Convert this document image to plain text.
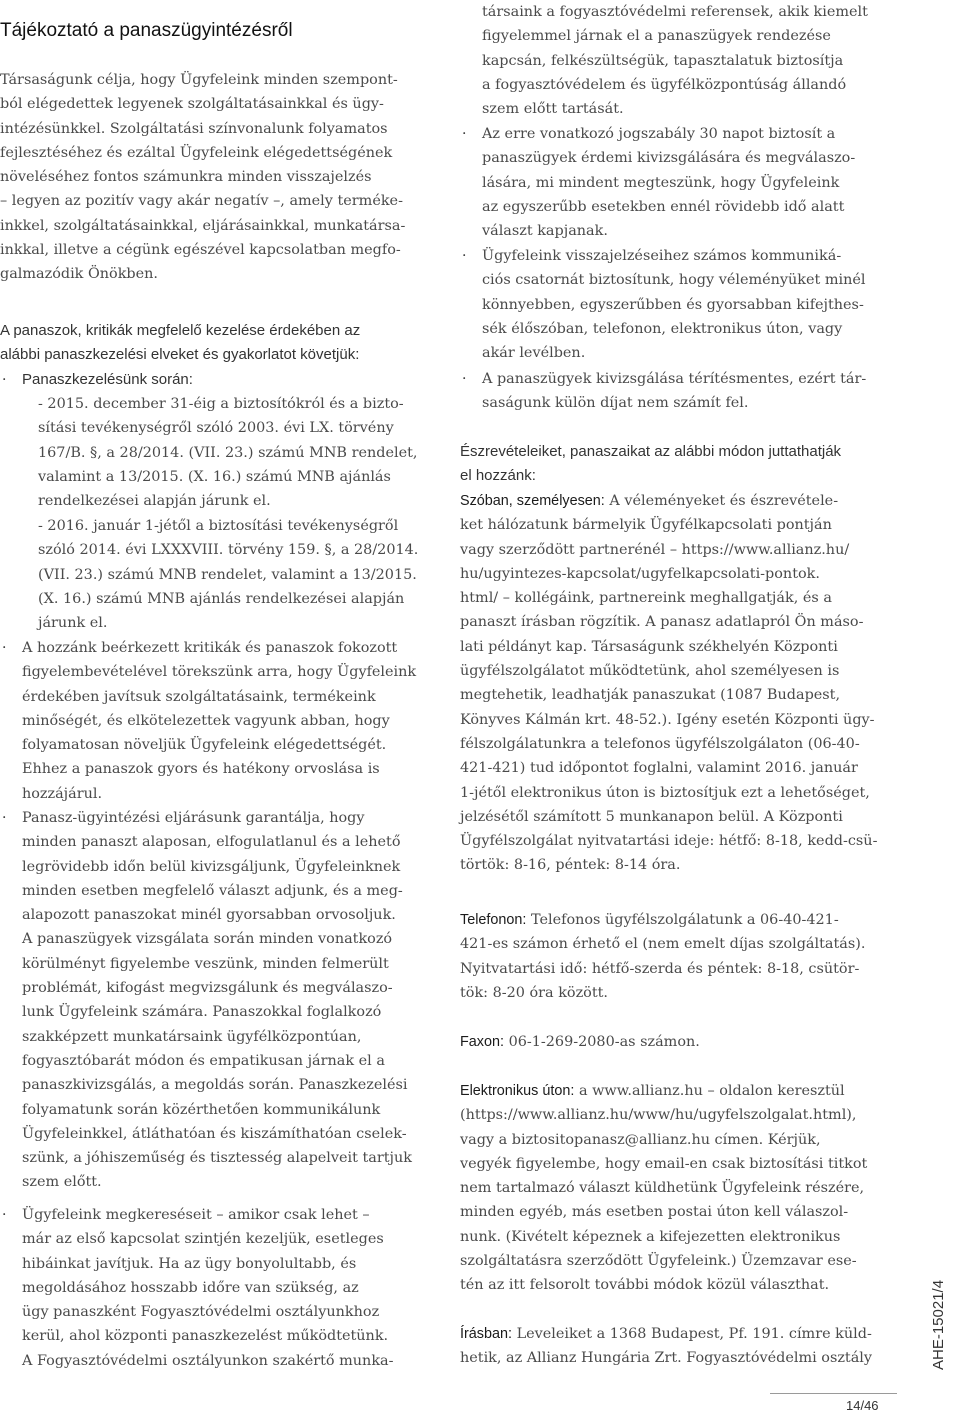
Tájékoztató a panaszügyintézésről

Társaságunk célja, hogy Ügyfeleink minden szempont-
ból elégedettek legyenek szolgáltatásainkkal és ügy-
intézésünkkel. Szolgáltatási színvonalunk folyamatos
fejlesztéséhez és ezáltal Ügyfeleink elégedettségének
növeléséhez fontos számunkra minden visszajelzés
– legyen az pozitív vagy akár negatív –, amely terméke-
inkkel, szolgáltatásainkkal, eljárásainkkal, munkatársa-
inkkal, illetve a cégünk egészével kapcsolatban megfo-
galmazódik Önökben.

A panaszok, kritikák megfelelő kezelése érdekében az
alábbi panaszkezelési elveket és gyakorlatot követjük:

· Panaszkezelésünk során:

- 2015. december 31-éig a biztosítókról és a bizto-
sítási tevékenységről szóló 2003. évi LX. törvény
167/B. §, a 28/2014. (VII. 23.) számú MNB rendelet,
valamint a 13/2015. (X. 16.) számú MNB ajánlás
rendelkezései alapján járunk el.

- 2016. január 1-jétől a biztosítási tevékenységről
szóló 2014. évi LXXXVIII. törvény 159. §, a 28/2014.
(VII. 23.) számú MNB rendelet, valamint a 13/2015.
(X. 16.) számú MNB ajánlás rendelkezései alapján
járunk el.

· A hozzánk beérkezett kritikák és panaszok fokozott
figyelembevételével törekszünk arra, hogy Ügyfeleink
érdekében javítsuk szolgáltatásaink, termékeink
minőségét, és elkötelezettek vagyunk abban, hogy
folyamatosan növeljük Ügyfeleink elégedettségét.
Ehhez a panaszok gyors és hatékony orvoslása is
hozzájárul.

· Panasz-ügyintézési eljárásunk garantálja, hogy
minden panaszt alaposan, elfogulatlanul és a lehető
legrövidebb időn belül kivizsgáljunk, Ügyfeleinknek
minden esetben megfelelő választ adjunk, és a meg-
alapozott panaszokat minél gyorsabban orvosoljuk.
A panaszügyek vizsgálata során minden vonatkozó
körülményt figyelembe veszünk, minden felmerült
problémát, kifogást megvizsgálunk és megválaszo-
lunk Ügyfeleink számára. Panaszokkal foglalkozó
szakképzett munkatársaink ügyfélközpontúan,
fogyasztóbarát módon és empatikusan járnak el a
panaszkivizsgálás, a megoldás során. Panaszkezelési
folyamatunk során közérthetően kommunikálunk
Ügyfeleinkkel, átláthatóan és kiszámíthatóan cselek-
szünk, a jóhiszeműség és tisztesség alapelveit tartjuk
szem előtt.

· Ügyfeleink megkereséseit – amikor csak lehet –
már az első kapcsolat szintjén kezeljük, esetleges
hibáinkat javítjuk. Ha az ügy bonyolultabb, és
megoldásához hosszabb időre van szükség, az
ügy panaszként Fogyasztóvédelmi osztályunkhoz
kerül, ahol központi panaszkezelést működtetünk.
A Fogyasztóvédelmi osztályunkon szakértő munka-

társaink a fogyasztóvédelmi referensek, akik kiemelt
figyelemmel járnak el a panaszügyek rendezése
kapcsán, felkészültségük, tapasztalatuk biztosítja
a fogyasztóvédelem és ügyfélközpontúság állandó
szem előtt tartását.

· Az erre vonatkozó jogszabály 30 napot biztosít a
panaszügyek érdemi kivizsgálására és megválaszo-
lására, mi mindent megteszünk, hogy Ügyfeleink
az egyszerűbb esetekben ennél rövidebb idő alatt
választ kapjanak.

· Ügyfeleink visszajelzéseihez számos kommuniká-
ciós csatornát biztosítunk, hogy véleményüket minél
könnyebben, egyszerűbben és gyorsabban kifejthes-
sék élőszóban, telefonon, elektronikus úton, vagy
akár levélben.

· A panaszügyek kivizsgálása térítésmentes, ezért tár-
saságunk külön díjat nem számít fel.

Észrevételeiket, panaszaikat az alábbi módon juttathatják
el hozzánk:

Szóban, személyesen: A véleményeket és észrevétele-
ket hálózatunk bármelyik Ügyfélkapcsolati pontján
vagy szerződött partnerénél – https://www.allianz.hu/
hu/ugyintezes-kapcsolat/ugyfelkapcsolati-pontok.
html/ – kollégáink, partnereink meghallgatják, és a
panaszt írásban rögzítik. A panasz adatlapról Ön máso-
lati példányt kap. Társaságunk székhelyén Központi
ügyfélszolgálatot működtetünk, ahol személyesen is
megtehetik, leadhatják panaszukat (1087 Budapest,
Könyves Kálmán krt. 48-52.). Igény esetén Központi ügy-
félszolgálatunkra a telefonos ügyfélszolgálaton (06-40-
421-421) tud időpontot foglalni, valamint 2016. január
1-jétől elektronikus úton is biztosítjuk ezt a lehetőséget,
jelzésétől számított 5 munkanapon belül. A Központi
Ügyfélszolgálat nyitvatartási ideje: hétfő: 8-18, kedd-csü-
törtök: 8-16, péntek: 8-14 óra.

Telefonon: Telefonos ügyfélszolgálatunk a 06-40-421-
421-es számon érhető el (nem emelt díjas szolgáltatás).
Nyitvatartási idő: hétfő-szerda és péntek: 8-18, csütör-
tök: 8-20 óra között.

Faxon: 06-1-269-2080-as számon.

Elektronikus úton: a www.allianz.hu – oldalon keresztül
(https://www.allianz.hu/www/hu/ugyfelszolgalat.html),
vagy a biztositopanasz@allianz.hu címen. Kérjük,
vegyék figyelembe, hogy email-en csak biztosítási titkot
nem tartalmazó választ küldhetünk Ügyfeleink részére,
minden egyéb, más esetben postai úton kell válaszol-
nunk. (Kivételt képeznek a kifejezetten elektronikus
szolgáltatásra szerződött Ügyfeleink.) Üzemzavar ese-
tén az itt felsorolt további módok közül választhat.

Írásban: Leveleiket a 1368 Budapest, Pf. 191. címre küld-
hetik, az Allianz Hungária Zrt. Fogyasztóvédelmi osztály	AHE-15021/4
14/46
